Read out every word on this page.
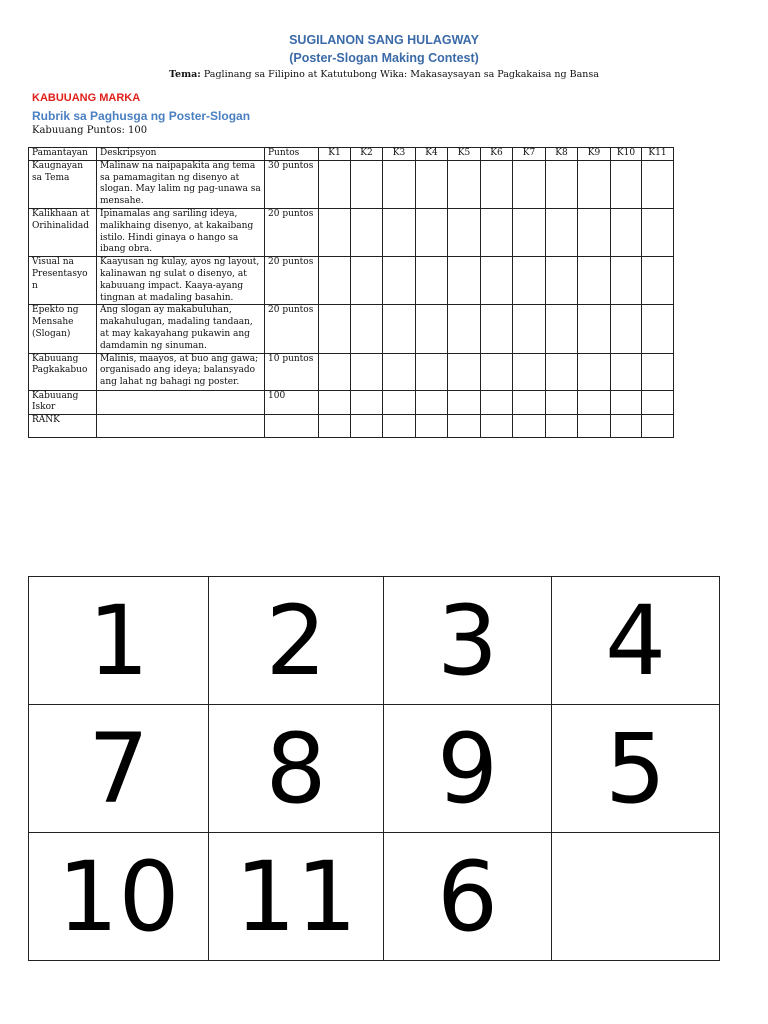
SUGILANON SANG HULAGWAY
(Poster-Slogan Making Contest)
Tema: Paglinang sa Filipino at Katutubong Wika: Makasaysayan sa Pagkakaisa ng Bansa
KABUUANG MARKA
Rubrik sa Paghusga ng Poster-Slogan
Kabuuang Puntos: 100
Pamantayan	Deskripsyon	Puntos	K1	K2	K3	K4	K5	K6	K7	K8	K9	K10	K11
Kaugnayan sa Tema	Malinaw na naipapakita ang tema sa pamamagitan ng disenyo at slogan. May lalim ng pag-unawa sa mensahe.	30 puntos											
Kalikhaan at Orihinalidad	Ipinamalas ang sariling ideya, malikhaing disenyo, at kakaibang istilo. Hindi ginaya o hango sa ibang obra.	20 puntos											
Visual na Presentasyo n	Kaayusan ng kulay, ayos ng layout, kalinawan ng sulat o disenyo, at kabuuang impact. Kaaya-ayang tingnan at madaling basahin.	20 puntos											
Epekto ng Mensahe (Slogan)	Ang slogan ay makabuluhan, makahulugan, madaling tandaan, at may kakayahang pukawin ang damdamin ng sinuman.	20 puntos											
Kabuuang Pagkakabuo	Malinis, maayos, at buo ang gawa; organisado ang ideya; balansyado ang lahat ng bahagi ng poster.	10 puntos											
Kabuuang Iskor		100											
RANK													
1	2	3	4
7	8	9	5
10	11	6	
